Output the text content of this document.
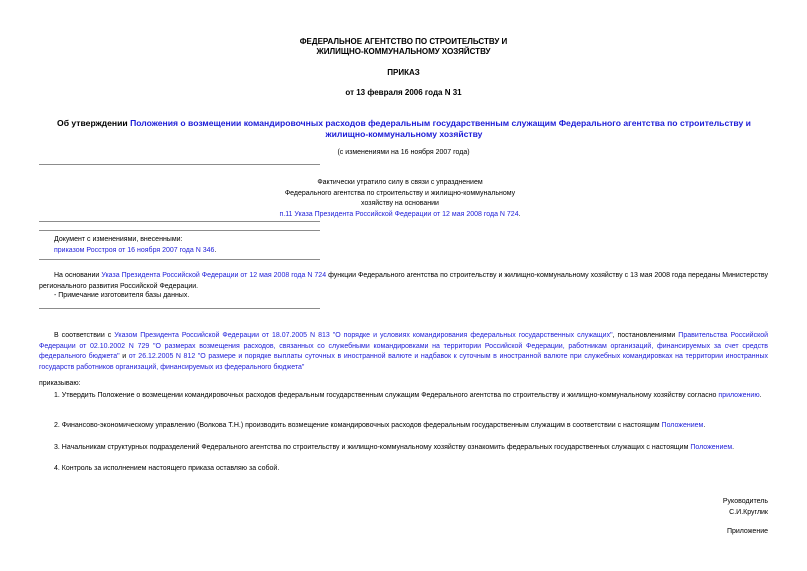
ФЕДЕРАЛЬНОЕ АГЕНТСТВО ПО СТРОИТЕЛЬСТВУ И
ЖИЛИЩНО-КОММУНАЛЬНОМУ ХОЗЯЙСТВУ
ПРИКАЗ
от 13 февраля 2006 года N 31
Об утверждении Положения о возмещении командировочных расходов федеральным государственным служащим Федерального агентства по строительству и жилищно-коммунальному хозяйству
(с изменениями на 16 ноября 2007 года)
Фактически утратило силу в связи с упразднением
Федерального агентства по строительству и жилищно-коммунальному
хозяйству на основании
п.11 Указа Президента Российской Федерации от 12 мая 2008 года N 724.
Документ с изменениями, внесенными:
приказом Росстроя от 16 ноября 2007 года N 346.
На основании Указа Президента Российской Федерации от 12 мая 2008 года N 724 функции Федерального агентства по строительству и жилищно-коммунальному хозяйству с 13 мая 2008 года переданы Министерству регионального развития Российской Федерации.
- Примечание изготовителя базы данных.
В соответствии с Указом Президента Российской Федерации от 18.07.2005 N 813 "О порядке и условиях командирования федеральных государственных служащих", постановлениями Правительства Российской Федерации от 02.10.2002 N 729 "О размерах возмещения расходов, связанных со служебными командировками на территории Российской Федерации, работникам организаций, финансируемых за счет средств федерального бюджета" и от 26.12.2005 N 812 "О размере и порядке выплаты суточных в иностранной валюте и надбавок к суточным в иностранной валюте при служебных командировках на территории иностранных государств работников организаций, финансируемых из федерального бюджета"
приказываю:
1. Утвердить Положение о возмещении командировочных расходов федеральным государственным служащим Федерального агентства по строительству и жилищно-коммунальному хозяйству согласно приложению.
2. Финансово-экономическому управлению (Волкова Т.Н.) производить возмещение командировочных расходов федеральным государственным служащим в соответствии с настоящим Положением.
3. Начальникам структурных подразделений Федерального агентства по строительству и жилищно-коммунальному хозяйству ознакомить федеральных государственных служащих с настоящим Положением.
4. Контроль за исполнением настоящего приказа оставляю за собой.
Руководитель
С.И.Круглик
Приложение
